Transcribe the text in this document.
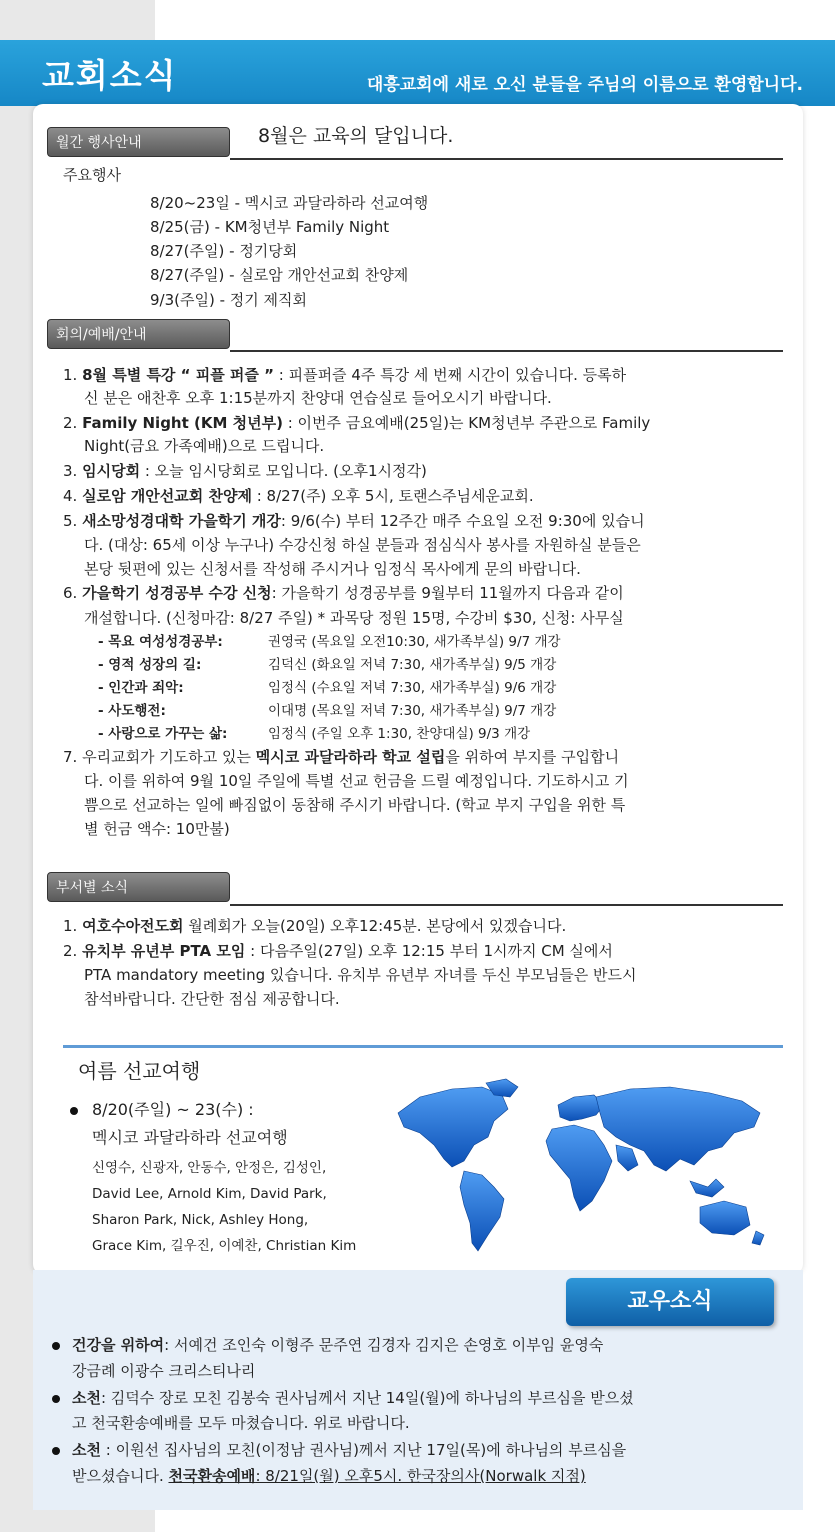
교회소식	대흥교회에 새로 오신 분들을 주님의 이름으로 환영합니다.
월간 행사안내	8월은 교육의 달입니다.
주요행사
8/20~23일 - 멕시코 과달라하라 선교여행
8/25(금) - KM청년부 Family Night
8/27(주일) - 정기당회
8/27(주일) - 실로암 개안선교회 찬양제
9/3(주일) - 정기 제직회
회의/예배/안내
1. 8월 특별 특강 “ 피플 퍼즐 ” : 피플퍼즐 4주 특강 세 번째 시간이 있습니다. 등록하
신 분은 애찬후 오후 1:15분까지 찬양대 연습실로 들어오시기 바랍니다.
2. Family Night (KM 청년부) : 이번주 금요예배(25일)는 KM청년부 주관으로 Family
Night(금요 가족예배)으로 드립니다.
3. 임시당회 : 오늘 임시당회로 모입니다. (오후1시정각)
4. 실로암 개안선교회 찬양제 : 8/27(주) 오후 5시, 토랜스주님세운교회.
5. 새소망성경대학 가을학기 개강: 9/6(수) 부터 12주간 매주 수요일 오전 9:30에 있습니
다. (대상: 65세 이상 누구나) 수강신청 하실 분들과 점심식사 봉사를 자원하실 분들은
본당 뒷편에 있는 신청서를 작성해 주시거나 임정식 목사에게 문의 바랍니다.
6. 가을학기 성경공부 수강 신청: 가을학기 성경공부를 9월부터 11월까지 다음과 같이
개설합니다. (신청마감: 8/27 주일) * 과목당 정원 15명, 수강비 $30, 신청: 사무실
- 목요 여성성경공부:	권영국 (목요일 오전10:30, 새가족부실) 9/7 개강
- 영적 성장의 길:	김덕신 (화요일 저녁 7:30, 새가족부실) 9/5 개강
- 인간과 죄악:	임정식 (수요일 저녁 7:30, 새가족부실) 9/6 개강
- 사도행전:	이대명 (목요일 저녁 7:30, 새가족부실) 9/7 개강
- 사랑으로 가꾸는 삶:	임정식 (주일 오후 1:30, 찬양대실) 9/3 개강
7. 우리교회가 기도하고 있는 멕시코 과달라하라 학교 설립을 위하여 부지를 구입합니
다. 이를 위하여 9월 10일 주일에 특별 선교 헌금을 드릴 예정입니다. 기도하시고 기
쁨으로 선교하는 일에 빠짐없이 동참해 주시기 바랍니다. (학교 부지 구입을 위한 특
별 헌금 액수: 10만불)
부서별 소식
1. 여호수아전도회 월례회가 오늘(20일) 오후12:45분. 본당에서 있겠습니다.
2. 유치부 유년부 PTA 모임 : 다음주일(27일) 오후 12:15 부터 1시까지 CM 실에서
PTA mandatory meeting 있습니다. 유치부 유년부 자녀를 두신 부모님들은 반드시
참석바랍니다. 간단한 점심 제공합니다.
여름 선교여행
8/20(주일) ~ 23(수) :
멕시코 과달라하라 선교여행
신영수, 신광자, 안동수, 안정은, 김성인,
David Lee, Arnold Kim, David Park,
Sharon Park, Nick, Ashley Hong,
Grace Kim, 길우진, 이예찬, Christian Kim
교우소식
건강을 위하여: 서예건 조인숙 이형주 문주연 김경자 김지은 손영호 이부임 윤영숙
강금례 이광수 크리스티나리
소천: 김덕수 장로 모친 김봉숙 권사님께서 지난 14일(월)에 하나님의 부르심을 받으셨
고 천국환송예배를 모두 마쳤습니다. 위로 바랍니다.
소천 : 이원선 집사님의 모친(이정남 권사님)께서 지난 17일(목)에 하나님의 부르심을
받으셨습니다. 천국환송예배: 8/21일(월) 오후5시. 한국장의사(Norwalk 지점)
